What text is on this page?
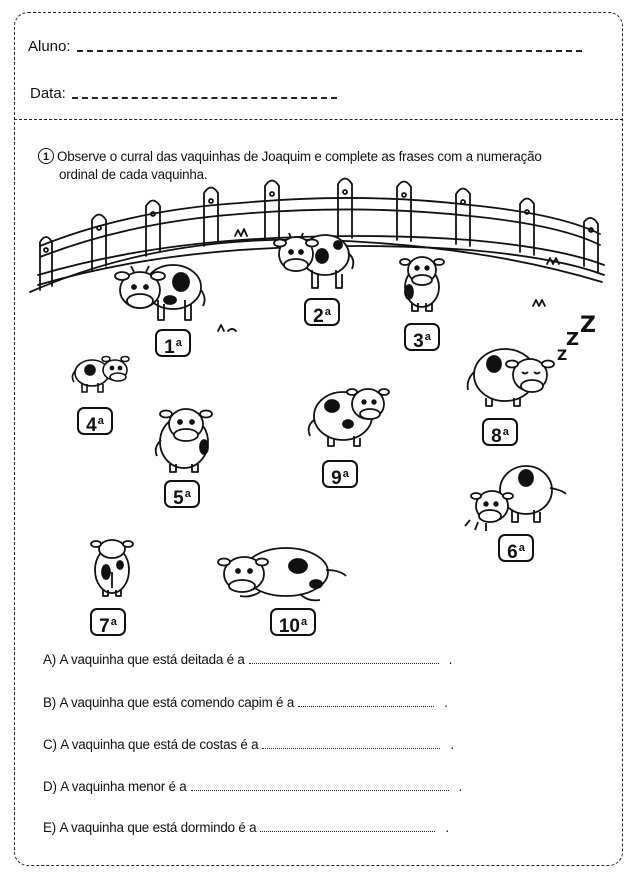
Aluno:
Data:
1 Observe o curral das vaquinhas de Joaquim e complete as frases com a numeração
ordinal de cada vaquinha.
Z
Z
Z
1$^a$
2$^a$
3$^a$
4$^a$
5$^a$
6$^a$
7$^a$
8$^a$
9$^a$
10$^a$
A)
A vaquinha que está deitada é a	.
B)
A vaquinha que está comendo capim é a	.
C)
A vaquinha que está de costas é a	.
D)
A vaquinha menor é a	.
E)
A vaquinha que está dormindo é a	.
